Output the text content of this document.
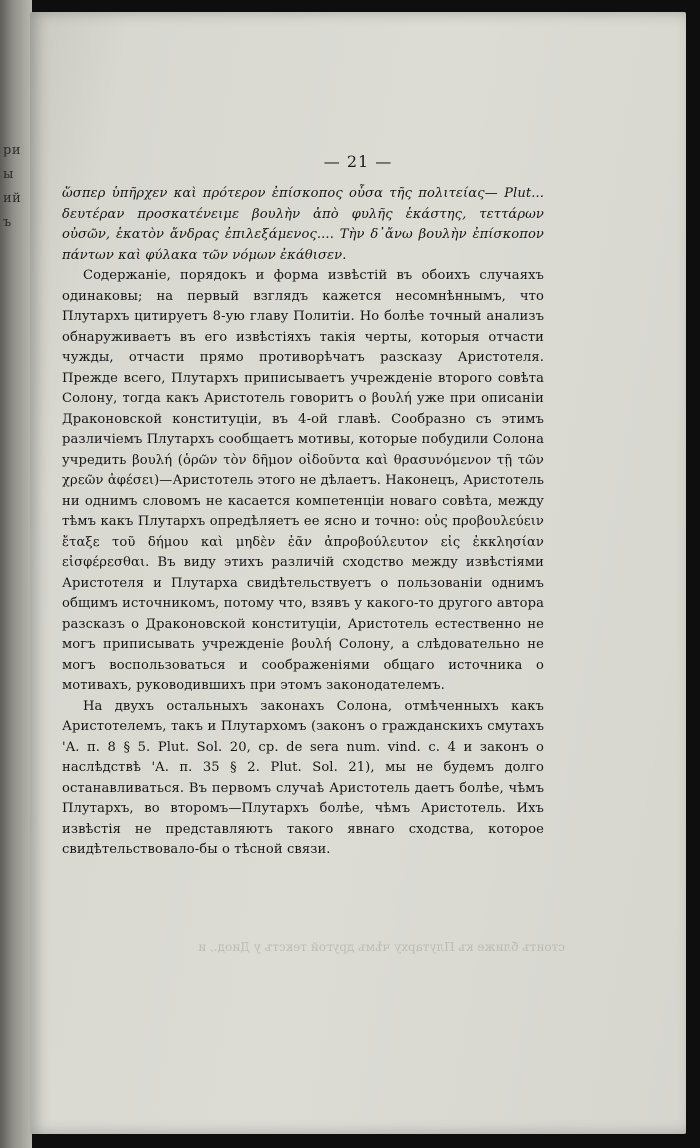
ри
ы
ий
ъ
— 21 —

ὥσπερ ὑπῆρχεν καὶ πρότερον ἐπίσκοπος οὖσα τῆς πολιτείας— Plut... δευτέραν προσκατένειμε βουλὴν ἀπὸ φυλῆς ἑκάστης, τεττάρων οὐσῶν, ἑκατὸν ἄνδρας ἐπιλεξάμενος.... Τὴν δ᾽ἄνω βουλὴν ἐπίσκοπον πάντων καὶ φύλακα τῶν νόμων ἐκάθισεν.

Содержаніе, порядокъ и форма извѣстій въ обоихъ случаяхъ одинаковы; на первый взглядъ кажется несомнѣннымъ, что Плутархъ цитируетъ 8-ую главу Политіи. Но болѣе точный анализъ обнаруживаетъ въ его извѣстіяхъ такія черты, которыя отчасти чужды, отчасти прямо противорѣчатъ разсказу Аристотеля. Прежде всего, Плутархъ приписываетъ учрежденіе второго совѣта Солону, тогда какъ Аристотель говоритъ о βουλή уже при описаніи Драконовской конституціи, въ 4-ой главѣ. Сообразно съ этимъ различіемъ Плутархъ сообщаетъ мотивы, которые побудили Солона учредить βουλή (ὁρῶν τὸν δῆμον οἰδοῦντα καὶ θρασυνόμενον τῇ τῶν χρεῶν ἀφέσει)—Аристотель этого не дѣлаетъ. Наконецъ, Аристотель ни однимъ словомъ не касается компетенціи новаго совѣта, между тѣмъ какъ Плутархъ опредѣляетъ ее ясно и точно: οὐς προβουλεύειν ἔταξε τοῦ δήμου καὶ μηδὲν ἐᾶν ἀπροβούλευτον εἰς ἐκκλησίαν εἰσφέρεσθαι. Въ виду этихъ различій сходство между извѣстіями Аристотеля и Плутарха свидѣтельствуетъ о пользованіи однимъ общимъ источникомъ, потому что, взявъ у какого-то другого автора разсказъ о Драконовской конституціи, Аристотель естественно не могъ приписывать учрежденіе βουλή Солону, а слѣдовательно не могъ воспользоваться и соображеніями общаго источника о мотивахъ, руководившихъ при этомъ законодателемъ.

На двухъ остальныхъ законахъ Солона, отмѣченныхъ какъ Аристотелемъ, такъ и Плутархомъ (законъ о гражданскихъ смутахъ 'A. π. 8 § 5. Plut. Sol. 20, cp. de sera num. vind. c. 4 и законъ о наслѣдствѣ 'A. π. 35 § 2. Plut. Sol. 21), мы не будемъ долго останавливаться. Въ первомъ случаѣ Аристотель даетъ болѣе, чѣмъ Плутархъ, во второмъ—Плутархъ болѣе, чѣмъ Аристотель. Ихъ извѣстія не представляютъ такого явнаго сходства, которое свидѣтельствовало-бы о тѣсной связи.

стоитъ ближе къ Плутарху чѣмъ другой текстъ у Диод., и
